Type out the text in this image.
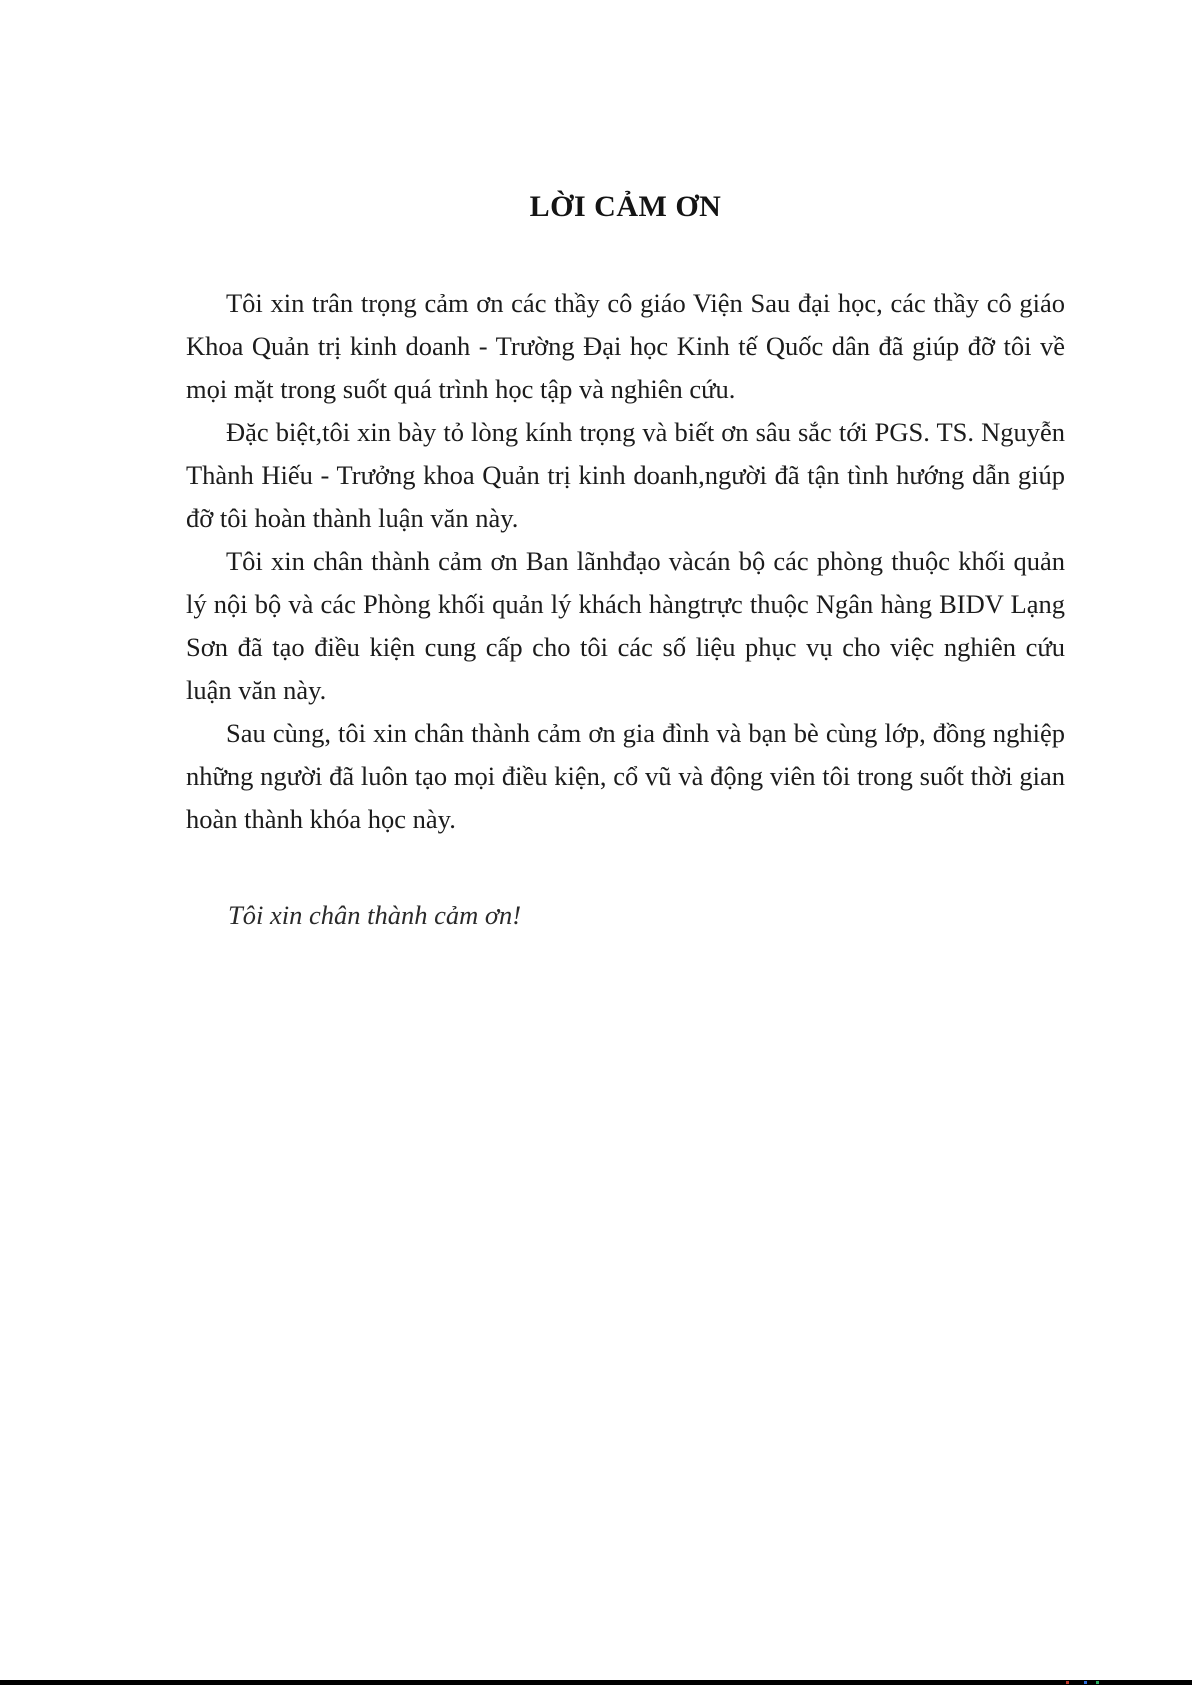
LỜI CẢM ƠN

Tôi xin trân trọng cảm ơn các thầy cô giáo Viện Sau đại học, các thầy cô giáo Khoa Quản trị kinh doanh - Trường Đại học Kinh tế Quốc dân đã giúp đỡ tôi về mọi mặt trong suốt quá trình học tập và nghiên cứu.

Đặc biệt,tôi xin bày tỏ lòng kính trọng và biết ơn sâu sắc tới PGS. TS. Nguyễn Thành Hiếu - Trưởng khoa Quản trị kinh doanh,người đã tận tình hướng dẫn giúp đỡ tôi hoàn thành luận văn này.

Tôi xin chân thành cảm ơn Ban lãnhđạo vàcán bộ các phòng thuộc khối quản lý nội bộ và các Phòng khối quản lý khách hàngtrực thuộc Ngân hàng BIDV Lạng Sơn đã tạo điều kiện cung cấp cho tôi các số liệu phục vụ cho việc nghiên cứu luận văn này.

Sau cùng, tôi xin chân thành cảm ơn gia đình và bạn bè cùng lớp, đồng nghiệp những người đã luôn tạo mọi điều kiện, cổ vũ và động viên tôi trong suốt thời gian hoàn thành khóa học này.

Tôi xin chân thành cảm ơn!
